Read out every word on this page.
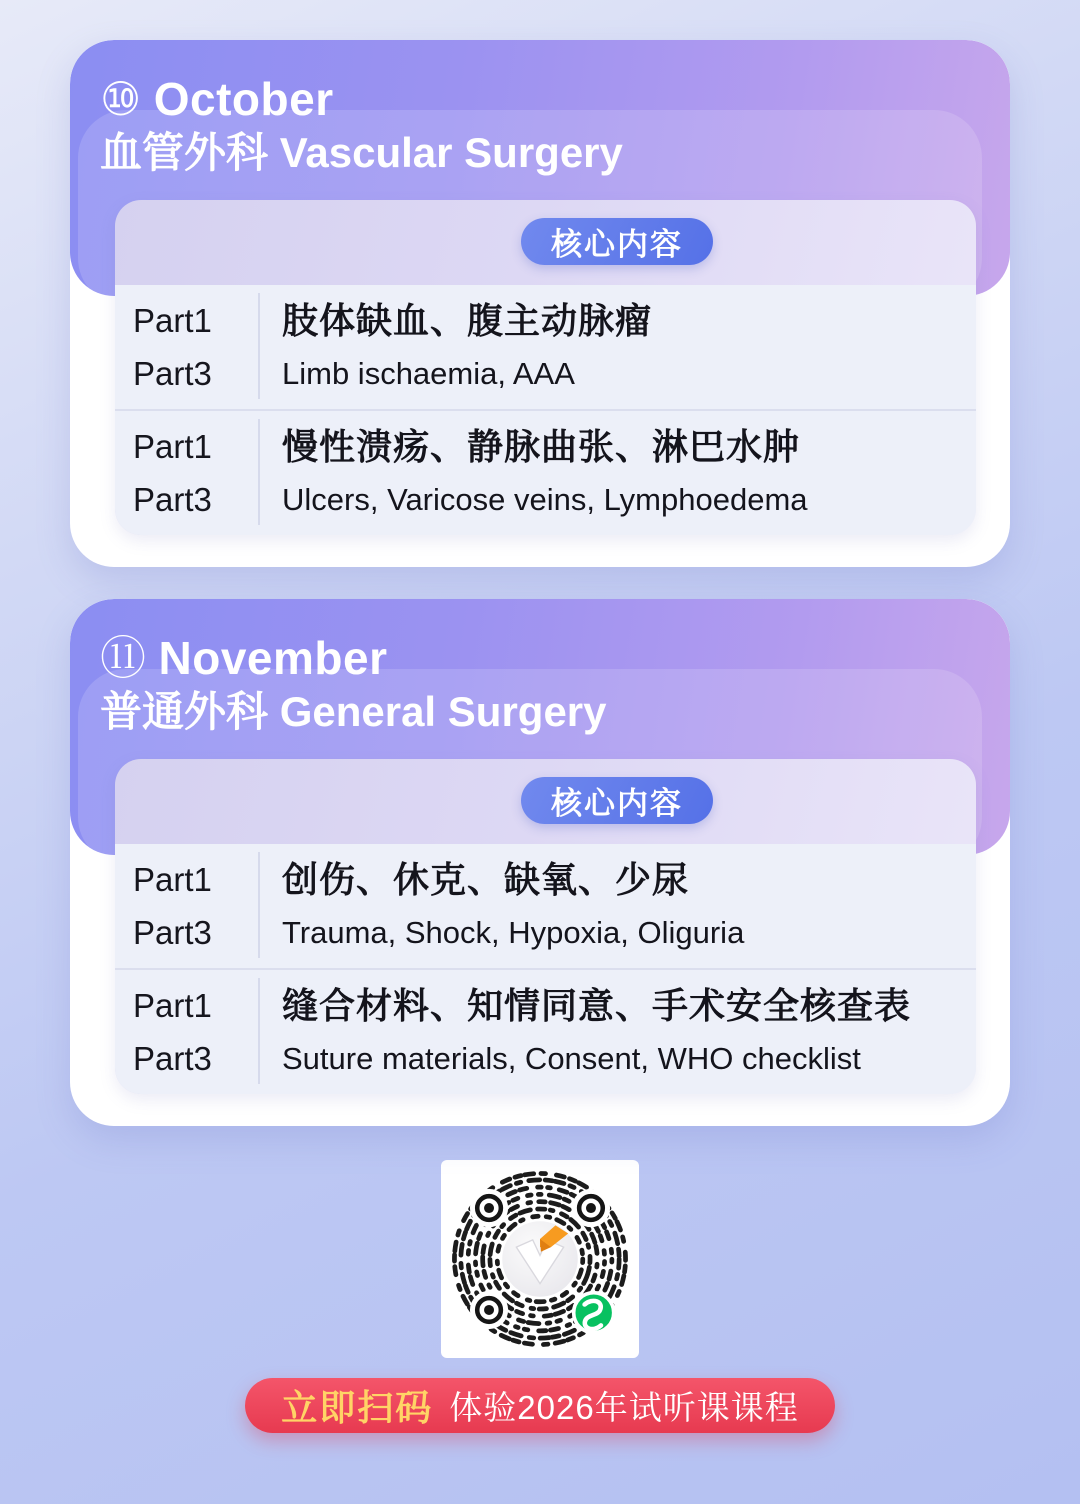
⑩ October
血管外科 Vascular Surgery
核心内容
Part1
Part3
肢体缺血、腹主动脉瘤
Limb ischaemia, AAA
Part1
Part3
慢性溃疡、静脉曲张、淋巴水肿
Ulcers, Varicose veins, Lymphoedema
⑪ November
普通外科 General Surgery
核心内容
Part1
Part3
创伤、休克、缺氧、少尿
Trauma, Shock, Hypoxia, Oliguria
Part1
Part3
缝合材料、知情同意、手术安全核查表
Suture materials, Consent, WHO checklist
立即扫码 体验2026年试听课课程
